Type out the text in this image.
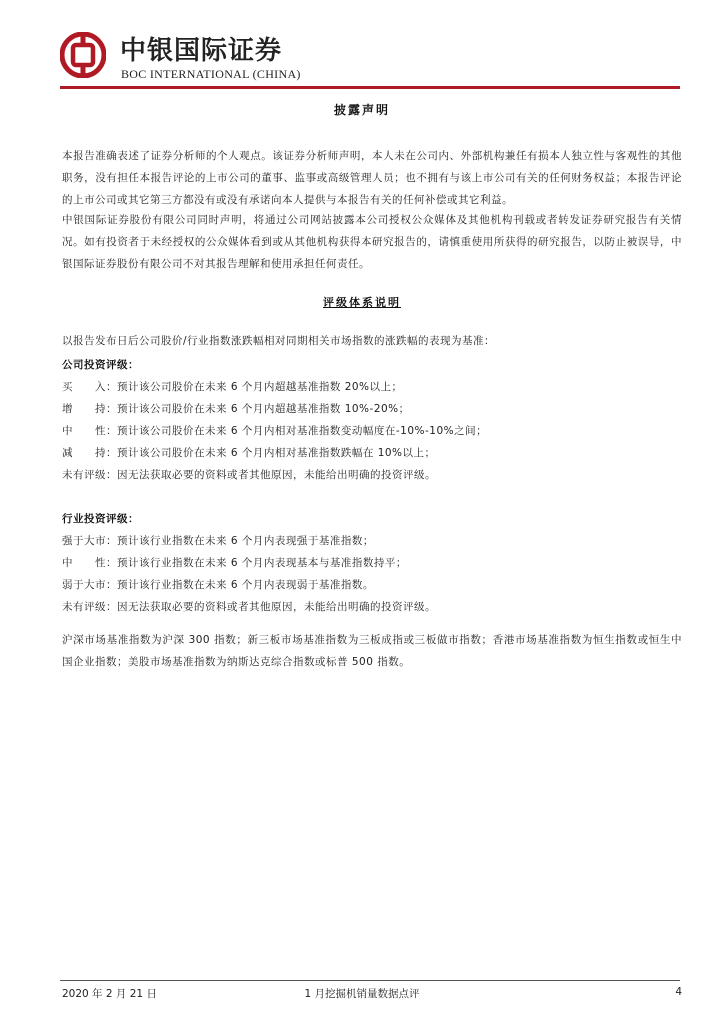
中银国际证券
BOC INTERNATIONAL (CHINA)
披露声明
本报告准确表述了证券分析师的个人观点。该证券分析师声明，本人未在公司内、外部机构兼任有损本人独立性与客观性的其他职务，没有担任本报告评论的上市公司的董事、监事或高级管理人员；也不拥有与该上市公司有关的任何财务权益；本报告评论的上市公司或其它第三方都没有或没有承诺向本人提供与本报告有关的任何补偿或其它利益。
中银国际证券股份有限公司同时声明，将通过公司网站披露本公司授权公众媒体及其他机构刊载或者转发证券研究报告有关情况。如有投资者于未经授权的公众媒体看到或从其他机构获得本研究报告的，请慎重使用所获得的研究报告，以防止被误导，中银国际证券股份有限公司不对其报告理解和使用承担任何责任。
评级体系说明
以报告发布日后公司股价/行业指数涨跌幅相对同期相关市场指数的涨跌幅的表现为基准：
公司投资评级：
买　　入：预计该公司股价在未来 6 个月内超越基准指数 20%以上；
增　　持：预计该公司股价在未来 6 个月内超越基准指数 10%-20%；
中　　性：预计该公司股价在未来 6 个月内相对基准指数变动幅度在-10%-10%之间；
减　　持：预计该公司股价在未来 6 个月内相对基准指数跌幅在 10%以上；
未有评级：因无法获取必要的资料或者其他原因，未能给出明确的投资评级。
行业投资评级：
强于大市：预计该行业指数在未来 6 个月内表现强于基准指数；
中　　性：预计该行业指数在未来 6 个月内表现基本与基准指数持平；
弱于大市：预计该行业指数在未来 6 个月内表现弱于基准指数。
未有评级：因无法获取必要的资料或者其他原因，未能给出明确的投资评级。
沪深市场基准指数为沪深 300 指数；新三板市场基准指数为三板成指或三板做市指数；香港市场基准指数为恒生指数或恒生中国企业指数；美股市场基准指数为纳斯达克综合指数或标普 500 指数。
2020 年 2 月 21 日	1 月挖掘机销量数据点评	4
